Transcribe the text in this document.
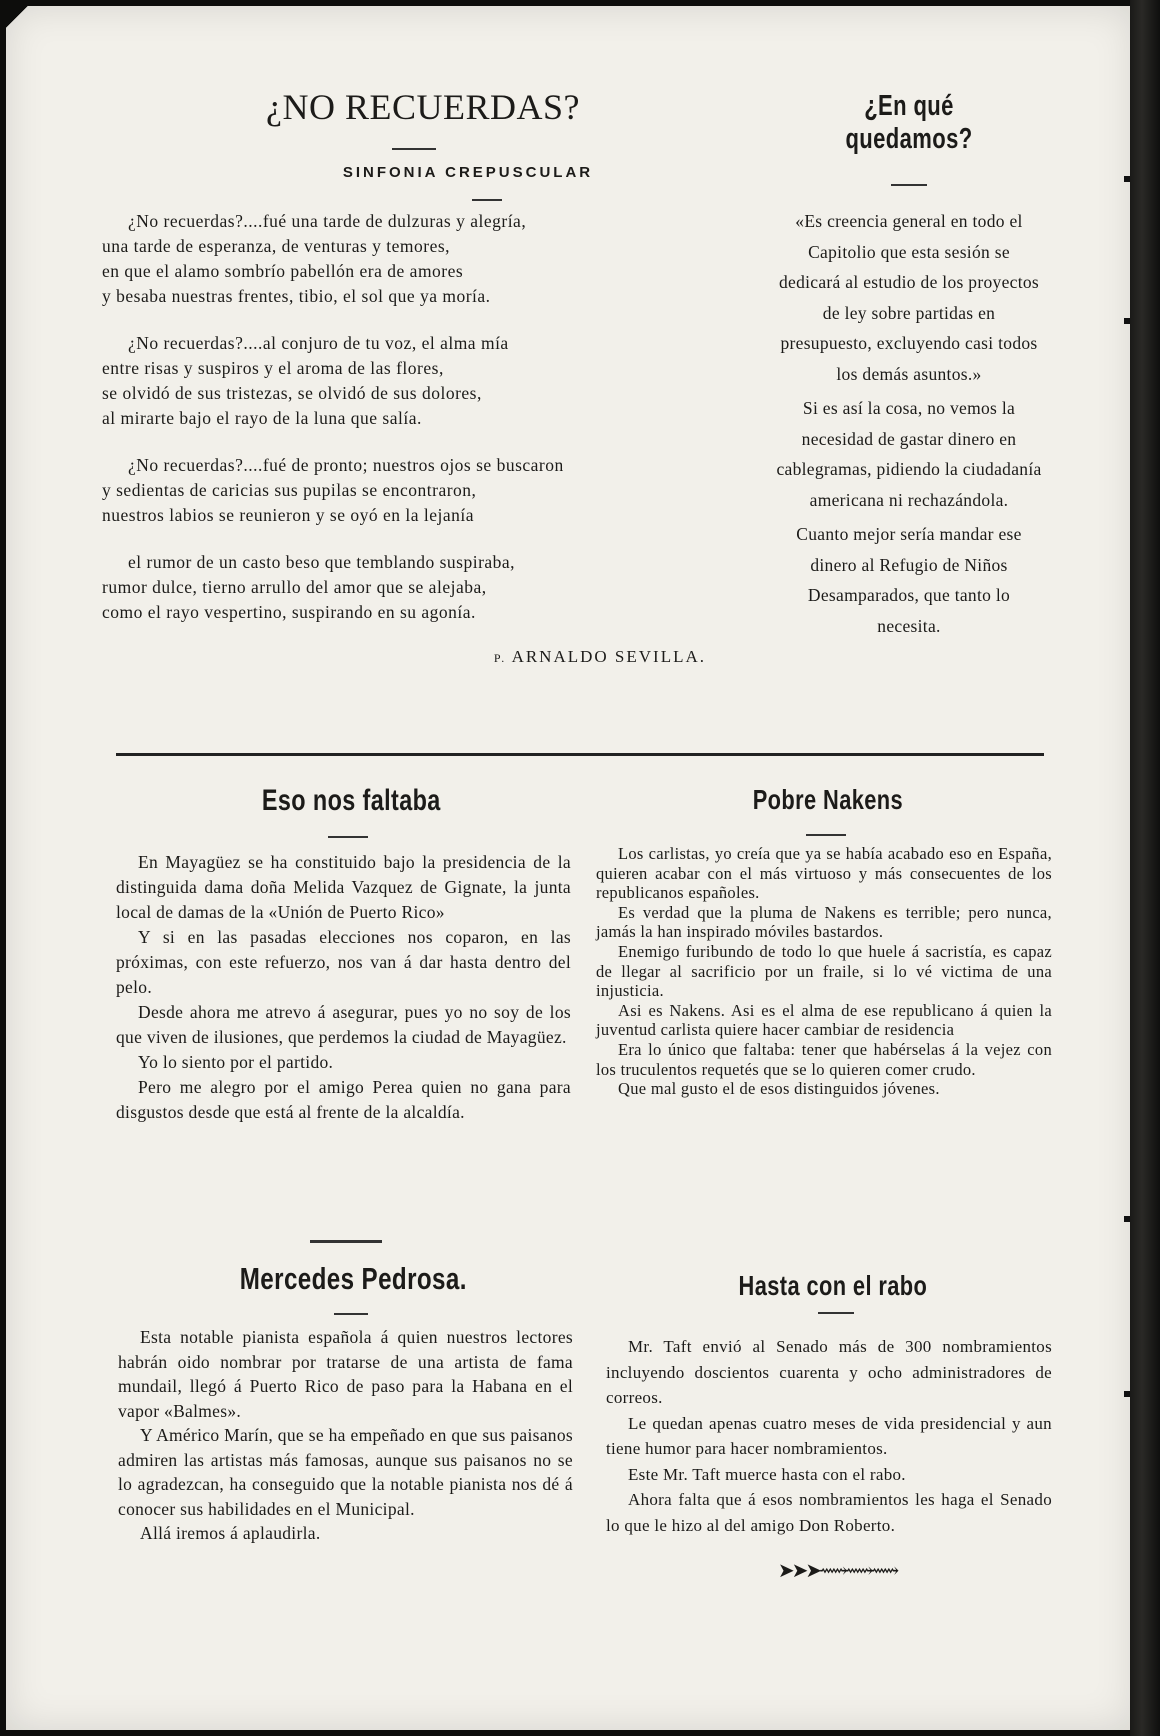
¿NO RECUERDAS?

SINFONIA CREPUSCULAR

¿No recuerdas?....fué una tarde de dulzuras y alegría,

una tarde de esperanza, de venturas y temores,

en que el alamo sombrío pabellón era de amores

y besaba nuestras frentes, tibio, el sol que ya moría.

¿No recuerdas?....al conjuro de tu voz, el alma mía

entre risas y suspiros y el aroma de las flores,

se olvidó de sus tristezas, se olvidó de sus dolores,

al mirarte bajo el rayo de la luna que salía.

¿No recuerdas?....fué de pronto; nuestros ojos se buscaron

y sedientas de caricias sus pupilas se encontraron,

nuestros labios se reunieron y se oyó en la lejanía

el rumor de un casto beso que temblando suspiraba,

rumor dulce, tierno arrullo del amor que se alejaba,

como el rayo vespertino, suspirando en su agonía.

P. ARNALDO SEVILLA.

¿En qué quedamos?

«Es creencia general en todo el Capitolio que esta sesión se dedicará al estudio de los proyectos de ley sobre partidas en presupuesto, excluyendo casi todos los demás asuntos.»

Si es así la cosa, no vemos la necesidad de gastar dinero en cablegramas, pidiendo la ciudadanía americana ni rechazándola.

Cuanto mejor sería mandar ese dinero al Refugio de Niños Desamparados, que tanto lo necesita.

Eso nos faltaba

En Mayagüez se ha constituido bajo la presidencia de la distinguida dama doña Melida Vazquez de Gignate, la junta local de damas de la «Unión de Puerto Rico»

Y si en las pasadas elecciones nos coparon, en las próximas, con este refuerzo, nos van á dar hasta dentro del pelo.

Desde ahora me atrevo á asegurar, pues yo no soy de los que viven de ilusiones, que perdemos la ciudad de Mayagüez.

Yo lo siento por el partido.

Pero me alegro por el amigo Perea quien no gana para disgustos desde que está al frente de la alcaldía.

Mercedes Pedrosa.

Esta notable pianista española á quien nuestros lectores habrán oido nombrar por tratarse de una artista de fama mundail, llegó á Puerto Rico de paso para la Habana en el vapor «Balmes».

Y Américo Marín, que se ha empeñado en que sus paisanos admiren las artistas más famosas, aunque sus paisanos no se lo agradezcan, ha conseguido que la notable pianista nos dé á conocer sus habilidades en el Municipal.

Allá iremos á aplaudirla.

Pobre Nakens

Los carlistas, yo creía que ya se había acabado eso en España, quieren acabar con el más virtuoso y más consecuentes de los republicanos españoles.

Es verdad que la pluma de Nakens es terrible; pero nunca, jamás la han inspirado móviles bastardos.

Enemigo furibundo de todo lo que huele á sacristía, es capaz de llegar al sacrificio por un fraile, si lo vé victima de una injusticia.

Asi es Nakens. Asi es el alma de ese republicano á quien la juventud carlista quiere hacer cambiar de residencia

Era lo único que faltaba: tener que habérselas á la vejez con los truculentos requetés que se lo quieren comer crudo.

Que mal gusto el de esos distinguidos jóvenes.

Hasta con el rabo

Mr. Taft envió al Senado más de 300 nombramientos incluyendo doscientos cuarenta y ocho administradores de correos.

Le quedan apenas cuatro meses de vida presidencial y aun tiene humor para hacer nombramientos.

Este Mr. Taft muerce hasta con el rabo.

Ahora falta que á esos nombramientos les haga el Senado lo que le hizo al del amigo Don Roberto.

➤➤➤⟿⟿⟿
